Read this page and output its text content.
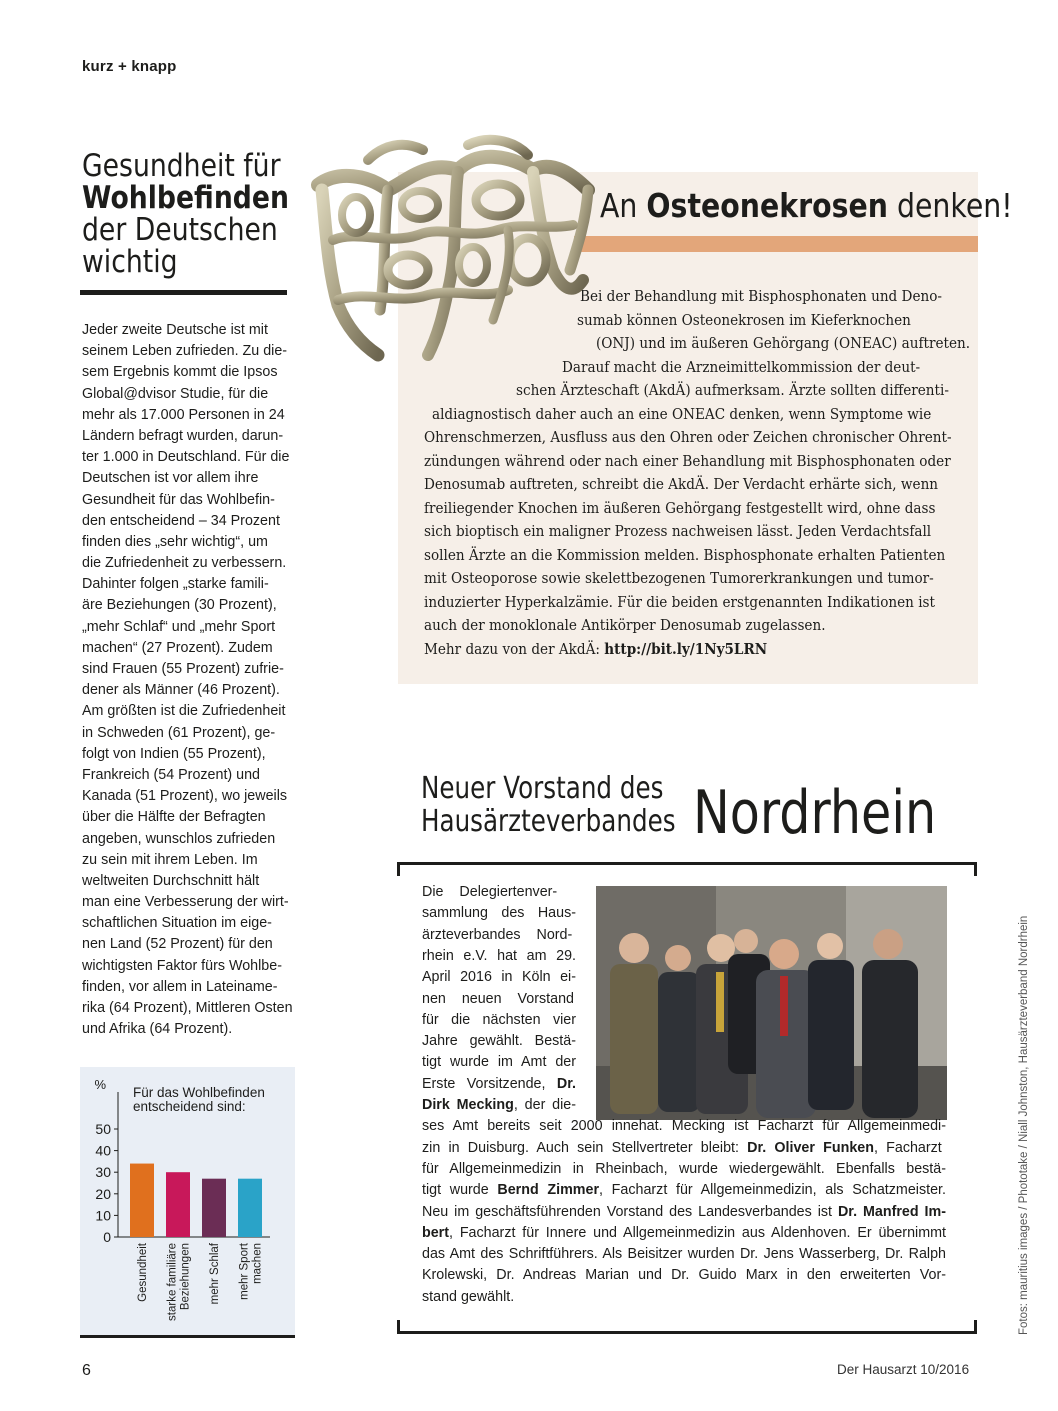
kurz + knapp
Gesundheit für
Wohlbefinden
der Deutschen
wichtig
Jeder zweite Deutsche ist mit
seinem Leben zufrieden. Zu die-
sem Ergebnis kommt die Ipsos
Global@dvisor Studie, für die
mehr als 17.000 Personen in 24
Ländern befragt wurden, darun-
ter 1.000 in Deutschland. Für die
Deutschen ist vor allem ihre
Gesundheit für das Wohlbefin-
den entscheidend – 34 Prozent
finden dies „sehr wichtig“, um
die Zufriedenheit zu verbessern.
Dahinter folgen „starke famili-
äre Beziehungen (30 Prozent),
„mehr Schlaf“ und „mehr Sport
machen“ (27 Prozent). Zudem
sind Frauen (55 Prozent) zufrie-
dener als Männer (46 Prozent).
Am größten ist die Zufriedenheit
in Schweden (61 Prozent), ge-
folgt von Indien (55 Prozent),
Frankreich (54 Prozent) und
Kanada (51 Prozent), wo jeweils
über die Hälfte der Befragten
angeben, wunschlos zufrieden
zu sein mit ihrem Leben. Im
weltweiten Durchschnitt hält
man eine Verbesserung der wirt-
schaftlichen Situation im eige-
nen Land (52 Prozent) für den
wichtigsten Faktor fürs Wohlbe-
finden, vor allem in Lateiname-
rika (64 Prozent), Mittleren Osten
und Afrika (64 Prozent).
%
0
10
20
30
40
50
Gesundheit starke familiäre Beziehungen mehr Schlaf mehr Sport machen
Für das Wohlbefinden entscheidend sind:
An Osteonekrosen denken!
Bei der Behandlung mit Bisphosphonaten und Deno-
sumab können Osteonekrosen im Kieferknochen
(ONJ) und im äußeren Gehörgang (ONEAC) auftreten.
Darauf macht die Arzneimittelkommission der deut-
schen Ärzteschaft (AkdÄ) aufmerksam. Ärzte sollten differenti-
aldiagnostisch daher auch an eine ONEAC denken, wenn Symptome wie
Ohrenschmerzen, Ausfluss aus den Ohren oder Zeichen chronischer Ohrent-
zündungen während oder nach einer Behandlung mit Bisphosphonaten oder
Denosumab auftreten, schreibt die AkdÄ. Der Verdacht erhärte sich, wenn
freiliegender Knochen im äußeren Gehörgang festgestellt wird, ohne dass
sich bioptisch ein maligner Prozess nachweisen lässt. Jeden Verdachtsfall
sollen Ärzte an die Kommission melden. Bisphosphonate erhalten Patienten
mit Osteoporose sowie skelettbezogenen Tumorerkrankungen und tumor-
induzierter Hyperkalzämie. Für die beiden erstgenannten Indikationen ist
auch der monoklonale Antikörper Denosumab zugelassen.
Mehr dazu von der AkdÄ: http://bit.ly/1Ny5LRN
Neuer Vorstand des
Hausärzteverbandes Nordrhein
Die Delegiertenver-
sammlung des Haus-
ärzteverbandes Nord-
rhein e.V. hat am 29.
April 2016 in Köln ei-
nen neuen Vorstand
für die nächsten vier
Jahre gewählt. Bestä-
tigt wurde im Amt der
Erste Vorsitzende, Dr.
Dirk Mecking, der die-
ses Amt bereits seit 2000 innehat. Mecking ist Facharzt für Allgemeinmedi-
zin in Duisburg. Auch sein Stellvertreter bleibt: Dr. Oliver Funken, Facharzt
für Allgemeinmedizin in Rheinbach, wurde wiedergewählt. Ebenfalls bestä-
tigt wurde Bernd Zimmer, Facharzt für Allgemeinmedizin, als Schatzmeister.
Neu im geschäftsführenden Vorstand des Landesverbandes ist Dr. Manfred Im-
bert, Facharzt für Innere und Allgemeinmedizin aus Aldenhoven. Er übernimmt
das Amt des Schriftführers. Als Beisitzer wurden Dr. Jens Wasserberg, Dr. Ralph
Krolewski, Dr. Andreas Marian und Dr. Guido Marx in den erweiterten Vor-
stand gewählt.	Fotos: mauritius images / Phototake / Niall Johnston, Hausärzteverband Nordrhein
6	Der Hausarzt 10/2016
